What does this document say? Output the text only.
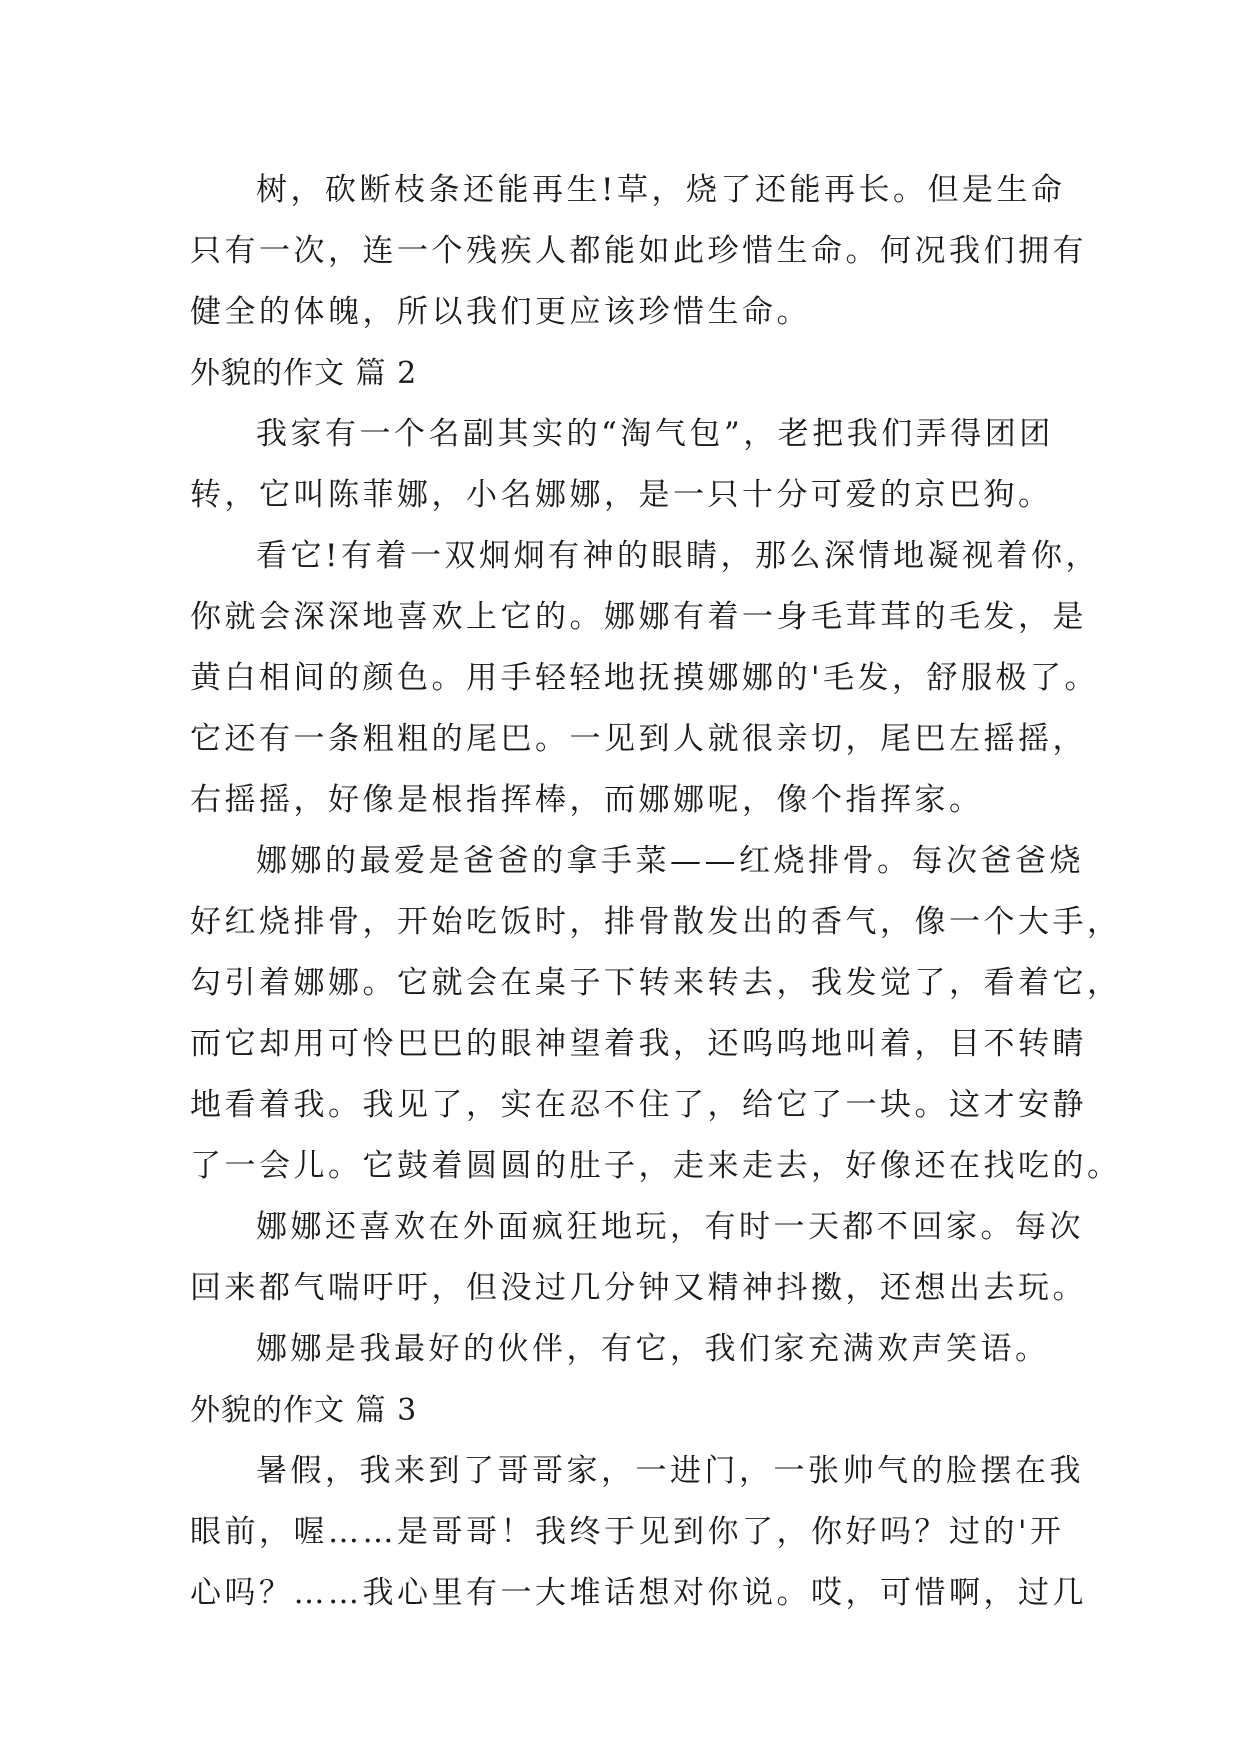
树，砍断枝条还能再生!草，烧了还能再长。但是生命
只有一次，连一个残疾人都能如此珍惜生命。何况我们拥有
健全的体魄，所以我们更应该珍惜生命。
外貌的作文 篇 2
我家有一个名副其实的“淘气包”，老把我们弄得团团
转，它叫陈菲娜，小名娜娜，是一只十分可爱的京巴狗。
看它!有着一双炯炯有神的眼睛，那么深情地凝视着你，
你就会深深地喜欢上它的。娜娜有着一身毛茸茸的毛发，是
黄白相间的颜色。用手轻轻地抚摸娜娜的'毛发，舒服极了。
它还有一条粗粗的尾巴。一见到人就很亲切，尾巴左摇摇，
右摇摇，好像是根指挥棒，而娜娜呢，像个指挥家。
娜娜的最爱是爸爸的拿手菜——红烧排骨。每次爸爸烧
好红烧排骨，开始吃饭时，排骨散发出的香气，像一个大手，
勾引着娜娜。它就会在桌子下转来转去，我发觉了，看着它，
而它却用可怜巴巴的眼神望着我，还呜呜地叫着，目不转睛
地看着我。我见了，实在忍不住了，给它了一块。这才安静
了一会儿。它鼓着圆圆的肚子，走来走去，好像还在找吃的。
娜娜还喜欢在外面疯狂地玩，有时一天都不回家。每次
回来都气喘吁吁，但没过几分钟又精神抖擞，还想出去玩。
娜娜是我最好的伙伴，有它，我们家充满欢声笑语。
外貌的作文 篇 3
暑假，我来到了哥哥家，一进门，一张帅气的脸摆在我
眼前，喔……是哥哥！我终于见到你了，你好吗？过的'开
心吗？……我心里有一大堆话想对你说。哎，可惜啊，过几
